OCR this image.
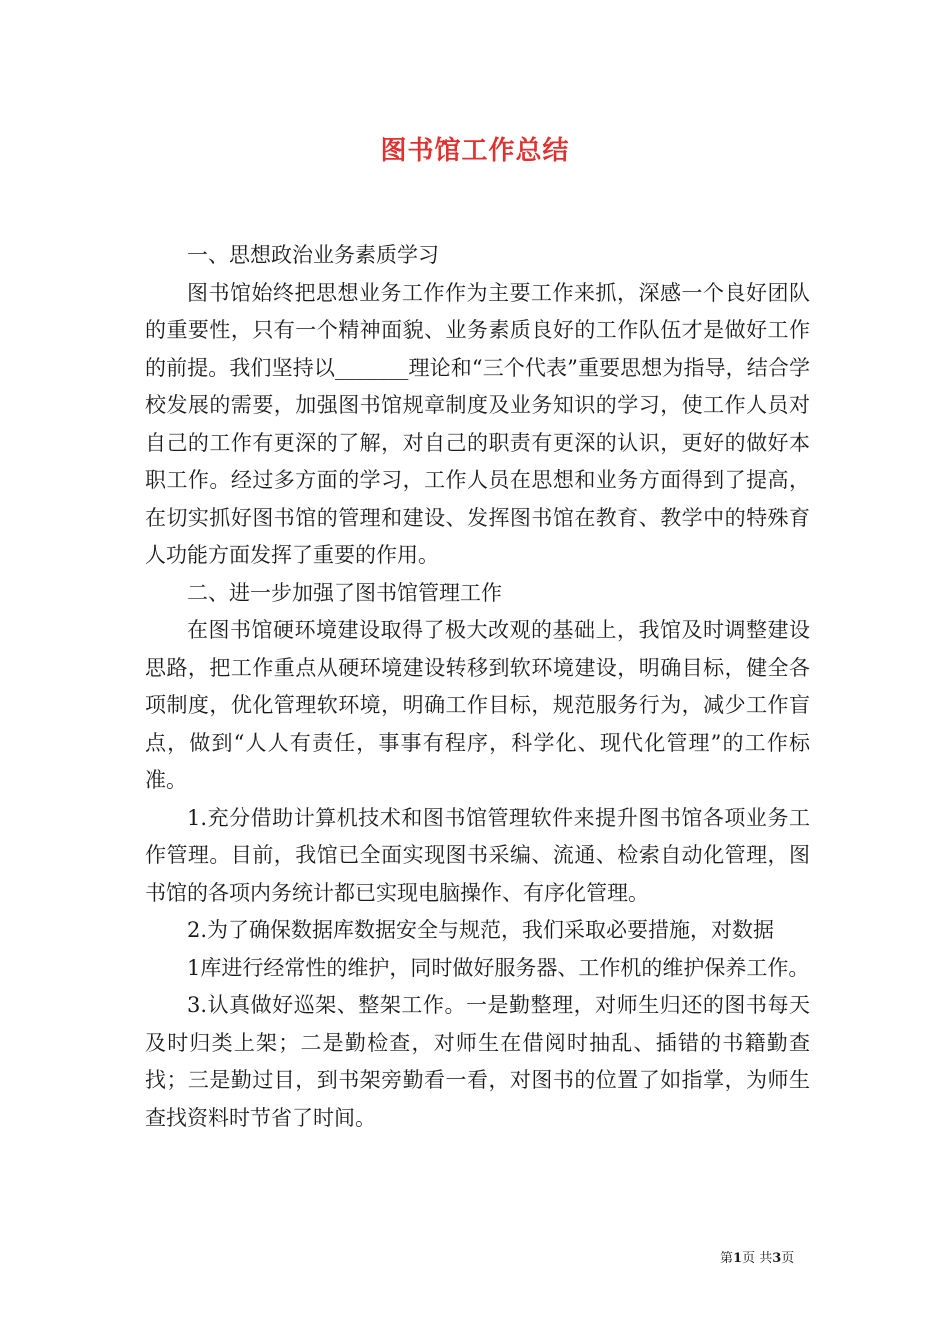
图书馆工作总结

一、思想政治业务素质学习

图书馆始终把思想业务工作作为主要工作来抓，深感一个良好团队的重要性，只有一个精神面貌、业务素质良好的工作队伍才是做好工作的前提。我们坚持以_______理论和“三个代表”重要思想为指导，结合学校发展的需要，加强图书馆规章制度及业务知识的学习，使工作人员对自己的工作有更深的了解，对自己的职责有更深的认识，更好的做好本职工作。经过多方面的学习，工作人员在思想和业务方面得到了提高，在切实抓好图书馆的管理和建设、发挥图书馆在教育、教学中的特殊育人功能方面发挥了重要的作用。

二、进一步加强了图书馆管理工作

在图书馆硬环境建设取得了极大改观的基础上，我馆及时调整建设思路，把工作重点从硬环境建设转移到软环境建设，明确目标，健全各项制度，优化管理软环境，明确工作目标，规范服务行为，减少工作盲点，做到“人人有责任，事事有程序，科学化、现代化管理”的工作标准。

1.充分借助计算机技术和图书馆管理软件来提升图书馆各项业务工作管理。目前，我馆已全面实现图书采编、流通、检索自动化管理，图书馆的各项内务统计都已实现电脑操作、有序化管理。

2.为了确保数据库数据安全与规范，我们采取必要措施，对数据

1库进行经常性的维护，同时做好服务器、工作机的维护保养工作。

3.认真做好巡架、整架工作。一是勤整理，对师生归还的图书每天及时归类上架；二是勤检查，对师生在借阅时抽乱、插错的书籍勤查找；三是勤过目，到书架旁勤看一看，对图书的位置了如指掌，为师生查找资料时节省了时间。

第1页 共3页
